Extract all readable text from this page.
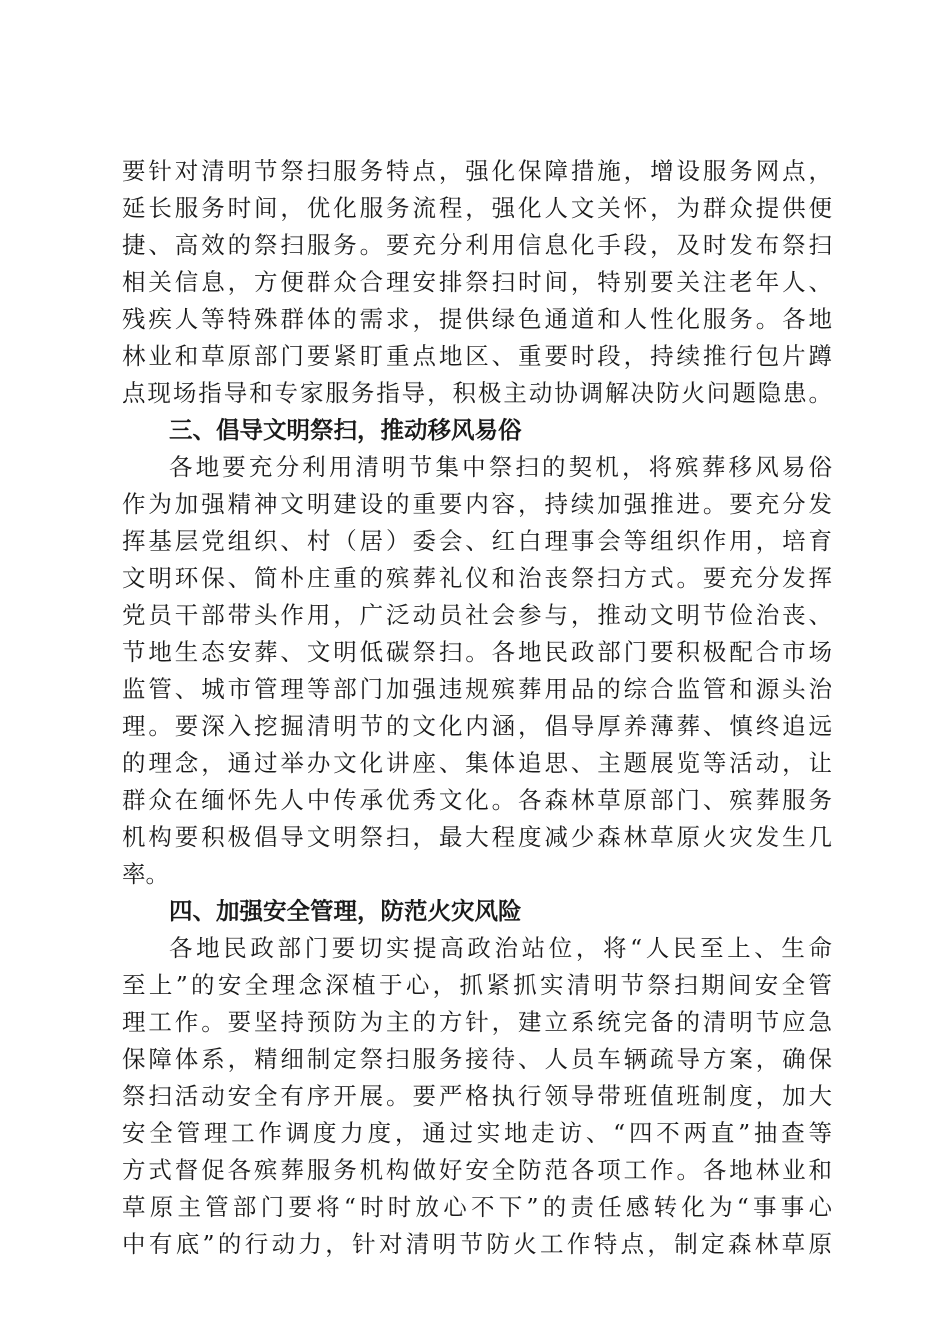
要针对清明节祭扫服务特点，强化保障措施，增设服务网点，
延长服务时间，优化服务流程，强化人文关怀，为群众提供便
捷、高效的祭扫服务。要充分利用信息化手段，及时发布祭扫
相关信息，方便群众合理安排祭扫时间，特别要关注老年人、
残疾人等特殊群体的需求，提供绿色通道和人性化服务。各地
林业和草原部门要紧盯重点地区、重要时段，持续推行包片蹲
点现场指导和专家服务指导，积极主动协调解决防火问题隐患。
三、倡导文明祭扫，推动移风易俗
各地要充分利用清明节集中祭扫的契机，将殡葬移风易俗
作为加强精神文明建设的重要内容，持续加强推进。要充分发
挥基层党组织、村（居）委会、红白理事会等组织作用，培育
文明环保、简朴庄重的殡葬礼仪和治丧祭扫方式。要充分发挥
党员干部带头作用，广泛动员社会参与，推动文明节俭治丧、
节地生态安葬、文明低碳祭扫。各地民政部门要积极配合市场
监管、城市管理等部门加强违规殡葬用品的综合监管和源头治
理。要深入挖掘清明节的文化内涵，倡导厚养薄葬、慎终追远
的理念，通过举办文化讲座、集体追思、主题展览等活动，让
群众在缅怀先人中传承优秀文化。各森林草原部门、殡葬服务
机构要积极倡导文明祭扫，最大程度减少森林草原火灾发生几
率。
四、加强安全管理，防范火灾风险
各地民政部门要切实提高政治站位，将“人民至上、生命
至上”的安全理念深植于心，抓紧抓实清明节祭扫期间安全管
理工作。要坚持预防为主的方针，建立系统完备的清明节应急
保障体系，精细制定祭扫服务接待、人员车辆疏导方案，确保
祭扫活动安全有序开展。要严格执行领导带班值班制度，加大
安全管理工作调度力度，通过实地走访、“四不两直”抽查等
方式督促各殡葬服务机构做好安全防范各项工作。各地林业和
草原主管部门要将“时时放心不下”的责任感转化为“事事心
中有底”的行动力，针对清明节防火工作特点，制定森林草原
